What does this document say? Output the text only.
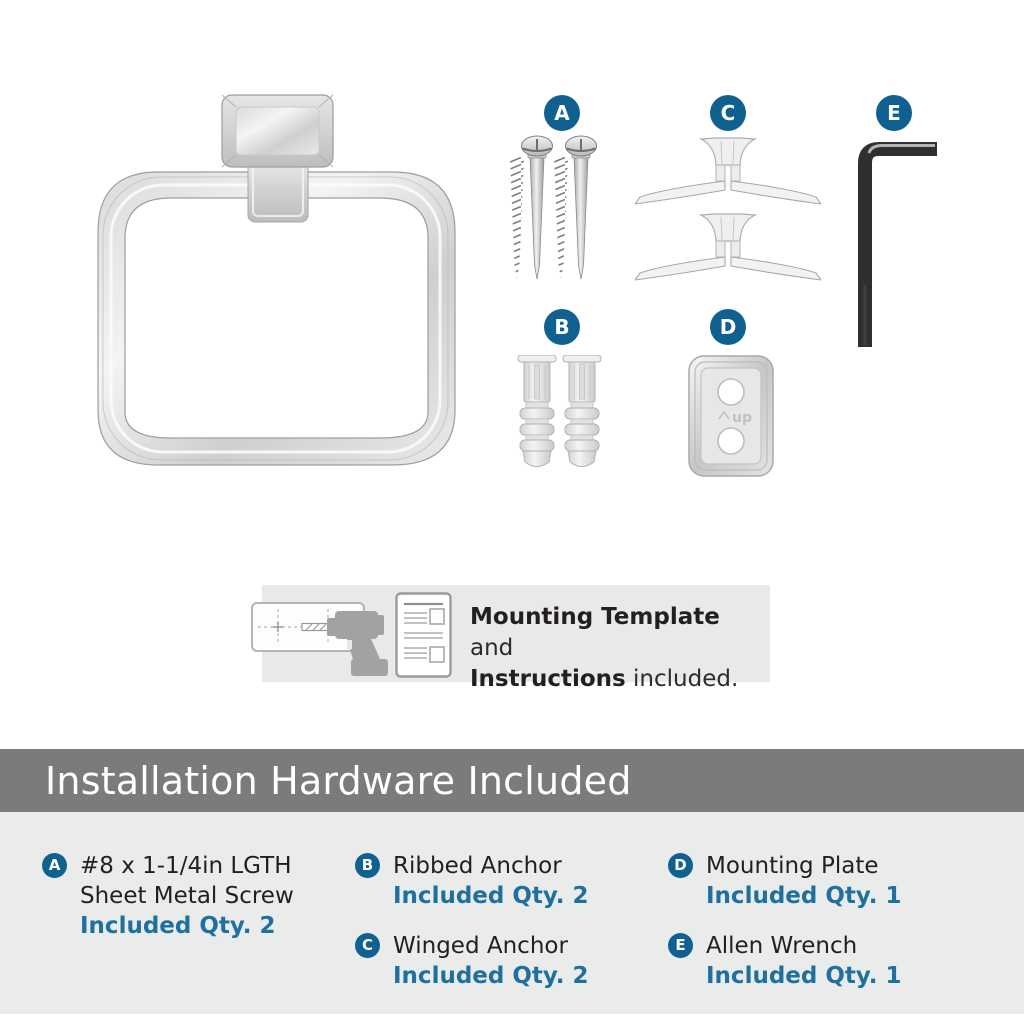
A	C	E
B	D
up
Mounting Template and
Instructions included.
Installation Hardware Included
A #8 x 1-1/4in LGTH
Sheet Metal Screw
Included Qty. 2
B Ribbed Anchor
Included Qty. 2
C Winged Anchor
Included Qty. 2
D Mounting Plate
Included Qty. 1
E Allen Wrench
Included Qty. 1
